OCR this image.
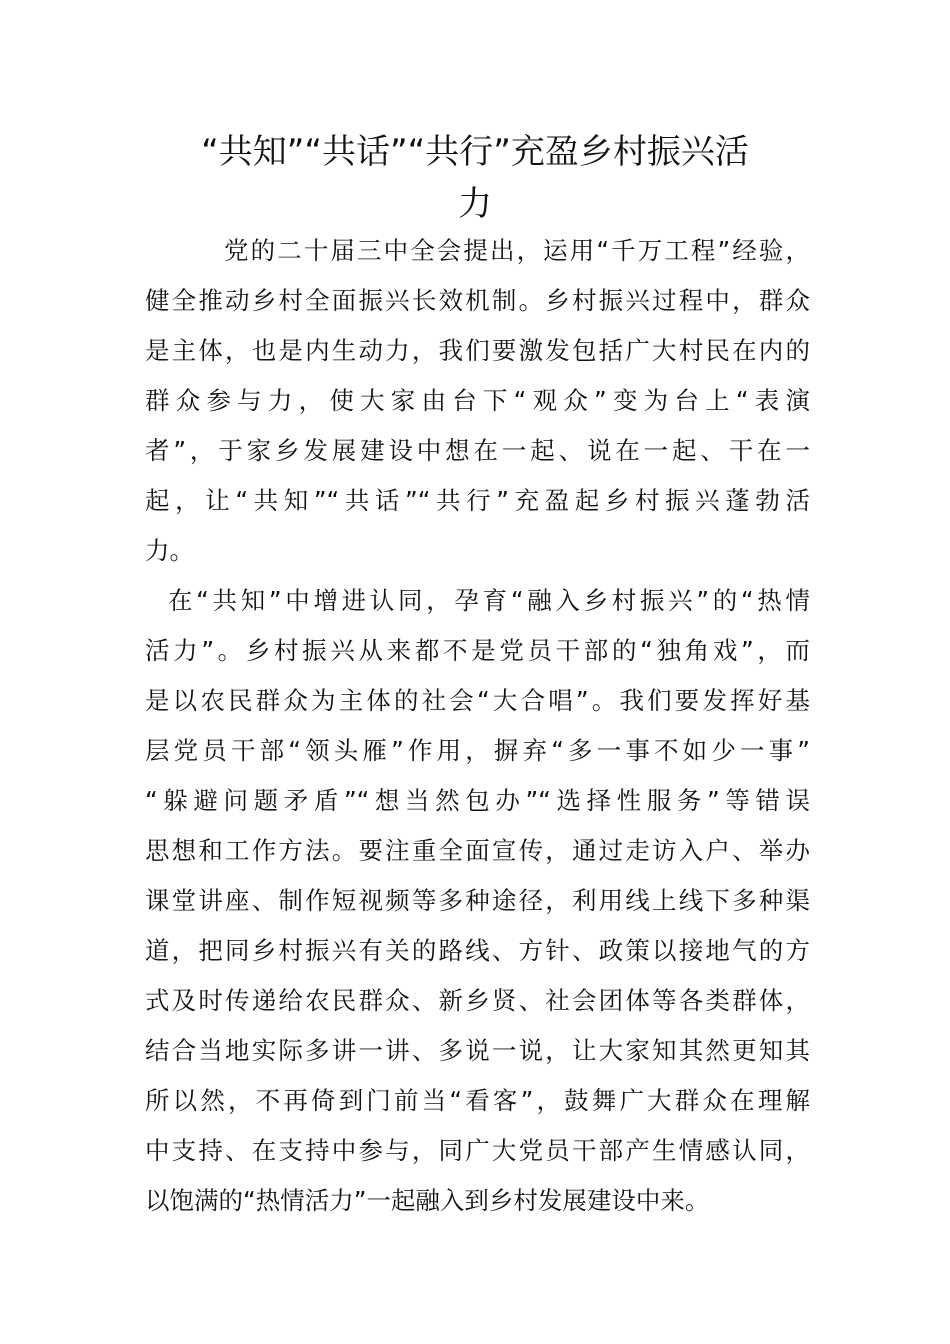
“共知”“共话”“共行”充盈乡村振兴活
力

党的二十届三中全会提出，运用“千万工程”经验，

健全推动乡村全面振兴长效机制。乡村振兴过程中，群众

是主体，也是内生动力，我们要激发包括广大村民在内的

群众参与力，使大家由台下“观众”变为台上“表演

者”，于家乡发展建设中想在一起、说在一起、干在一

起，让“共知”“共话”“共行”充盈起乡村振兴蓬勃活

力。

在“共知”中增进认同，孕育“融入乡村振兴”的“热情

活力”。乡村振兴从来都不是党员干部的“独角戏”，而

是以农民群众为主体的社会“大合唱”。我们要发挥好基

层党员干部“领头雁”作用，摒弃“多一事不如少一事”

“躲避问题矛盾”“想当然包办”“选择性服务”等错误

思想和工作方法。要注重全面宣传，通过走访入户、举办

课堂讲座、制作短视频等多种途径，利用线上线下多种渠

道，把同乡村振兴有关的路线、方针、政策以接地气的方

式及时传递给农民群众、新乡贤、社会团体等各类群体，

结合当地实际多讲一讲、多说一说，让大家知其然更知其

所以然，不再倚到门前当“看客”，鼓舞广大群众在理解

中支持、在支持中参与，同广大党员干部产生情感认同，

以饱满的“热情活力”一起融入到乡村发展建设中来。
